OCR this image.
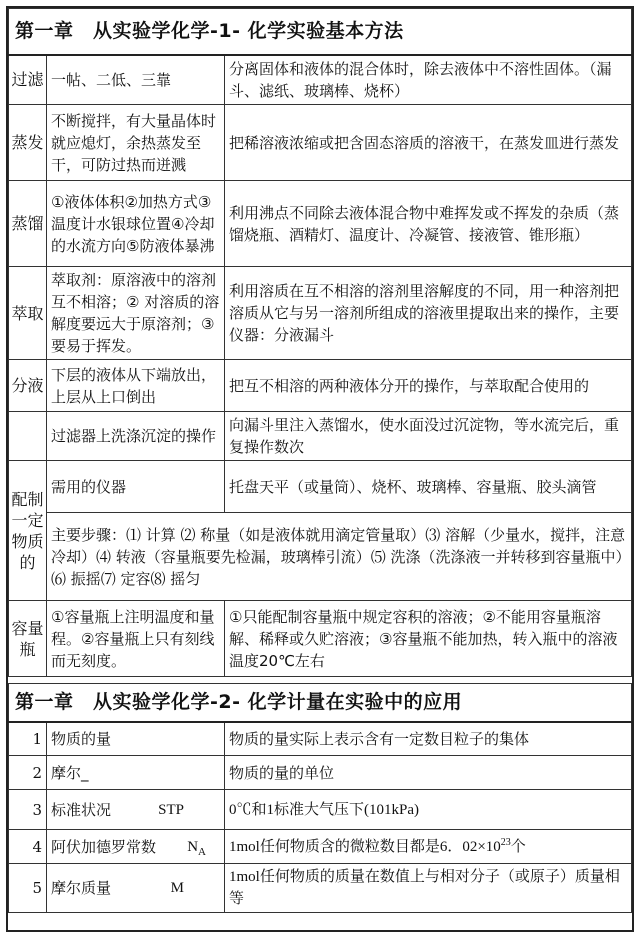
第一章　从实验学化学-1- 化学实验基本方法		
过滤	一帖、二低、三靠	分离固体和液体的混合体时，除去液体中不溶性固体。（漏斗、滤纸、玻璃棒、烧杯）
蒸发	不断搅拌，有大量晶体时就应熄灯，余热蒸发至干，可防过热而迸溅	把稀溶液浓缩或把含固态溶质的溶液干，在蒸发皿进行蒸发
蒸馏	①液体体积②加热方式③温度计水银球位置④冷却的水流方向⑤防液体暴沸	利用沸点不同除去液体混合物中难挥发或不挥发的杂质（蒸馏烧瓶、酒精灯、温度计、冷凝管、接液管、锥形瓶）
萃取	萃取剂：原溶液中的溶剂互不相溶；② 对溶质的溶解度要远大于原溶剂；③ 要易于挥发。	利用溶质在互不相溶的溶剂里溶解度的不同，用一种溶剂把溶质从它与另一溶剂所组成的溶液里提取出来的操作，主要仪器：分液漏斗
分液	下层的液体从下端放出，上层从上口倒出	把互不相溶的两种液体分开的操作，与萃取配合使用的
	过滤器上洗涤沉淀的操作	向漏斗里注入蒸馏水，使水面没过沉淀物，等水流完后，重复操作数次
配制一定物质的	需用的仪器	托盘天平（或量筒）、烧杯、玻璃棒、容量瓶、胶头滴管
	主要步骤：⑴ 计算 ⑵ 称量（如是液体就用滴定管量取）⑶ 溶解（少量水，搅拌，注意冷却）⑷ 转液（容量瓶要先检漏，玻璃棒引流）⑸ 洗涤（洗涤液一并转移到容量瓶中）⑹ 振摇⑺ 定容⑻ 摇匀	
容量瓶	①容量瓶上注明温度和量程。②容量瓶上只有刻线而无刻度。	①只能配制容量瓶中规定容积的溶液；②不能用容量瓶溶解、稀释或久贮溶液；③容量瓶不能加热，转入瓶中的溶液温度20℃左右
第一章　从实验学化学-2- 化学计量在实验中的应用		
1	物质的量	物质的量实际上表示含有一定数目粒子的集体
2	摩尔_	物质的量的单位
3	标准状况 STP	0℃和1标准大气压下(101kPa)
4	阿伏加德罗常数 $N_A$	1mol任何物质含的微粒数目都是6．$02\times 10^{23}$个
5	摩尔质量 M	1mol任何物质的质量在数值上与相对分子（或原子）质量相等
